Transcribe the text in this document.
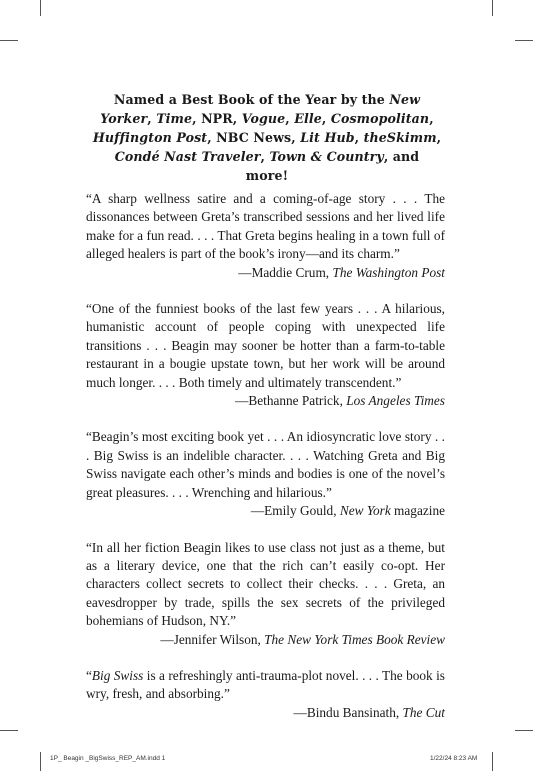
Named a Best Book of the Year by the New Yorker, Time, NPR, Vogue, Elle, Cosmopolitan, Huffington Post, NBC News, Lit Hub, theSkimm, Condé Nast Traveler, Town & Country, and more!

“A sharp wellness satire and a coming-of-age story . . . The dissonances between Greta’s transcribed sessions and her lived life make for a fun read. . . . That Greta begins healing in a town full of alleged healers is part of the book’s irony—and its charm.”

—Maddie Crum, The Washington Post

“One of the funniest books of the last few years . . . A hilarious, humanistic account of people coping with unexpected life transitions . . . Beagin may sooner be hotter than a farm-to-table restaurant in a bougie upstate town, but her work will be around much longer. . . . Both timely and ultimately transcendent.”

—Bethanne Patrick, Los Angeles Times

“Beagin’s most exciting book yet . . . An idiosyncratic love story . . . Big Swiss is an indelible character. . . . Watching Greta and Big Swiss navigate each other’s minds and bodies is one of the novel’s great pleasures. . . . Wrenching and hilarious.”

—Emily Gould, New York magazine

“In all her fiction Beagin likes to use class not just as a theme, but as a literary device, one that the rich can’t easily co-opt. Her characters collect secrets to collect their checks. . . . Greta, an eavesdropper by trade, spills the sex secrets of the privileged bohemians of Hudson, NY.”

—Jennifer Wilson, The New York Times Book Review

“Big Swiss is a refreshingly anti-trauma-plot novel. . . . The book is wry, fresh, and absorbing.”

—Bindu Bansinath, The Cut

1P_ Beagin _BigSwiss_REP_AM.indd 1	1/22/24 8:23 AM
